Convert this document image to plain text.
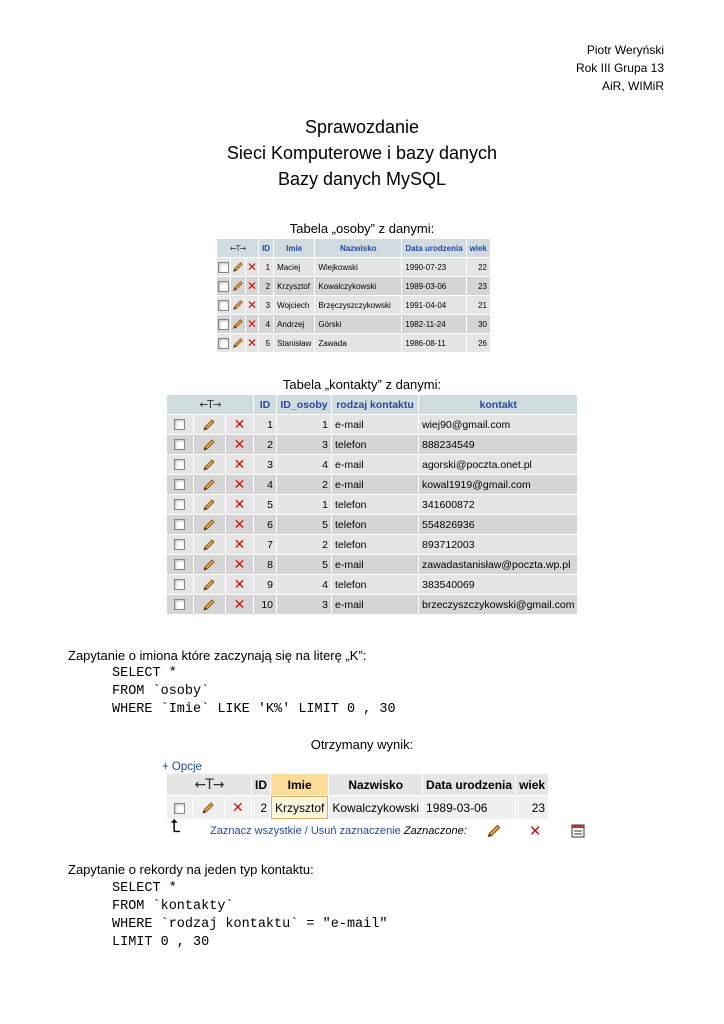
Piotr Weryński
Rok III Grupa 13
AiR, WIMiR
Sprawozdanie
Sieci Komputerowe i bazy danych
Bazy danych MySQL
Tabela „osoby” z danymi:
←T→			ID	Imie	Nazwisko	Data urodzenia	wiek
		✕	1	Maciej	Wiejkowski	1990-07-23	22
		✕	2	Krzysztof	Kowalczykowski	1989-03-06	23
		✕	3	Wojciech	Brzęczyszczykowski	1991-04-04	21
		✕	4	Andrzej	Górski	1982-11-24	30
		✕	5	Stanisław	Zawada	1986-08-11	26
Tabela „kontakty” z danymi:
←T→			ID	ID_osoby	rodzaj kontaktu	kontakt
		✕	1	1	e-mail	wiej90@gmail.com
		✕	2	3	telefon	888234549
		✕	3	4	e-mail	agorski@poczta.onet.pl
		✕	4	2	e-mail	kowal1919@gmail.com
		✕	5	1	telefon	341600872
		✕	6	5	telefon	554826936
		✕	7	2	telefon	893712003
		✕	8	5	e-mail	zawadastanisław@poczta.wp.pl
		✕	9	4	telefon	383540069
		✕	10	3	e-mail	brzeczyszczykowski@gmail.com
Zapytanie o imiona które zaczynają się na literę „K”:
SELECT *
FROM `osoby`
WHERE `Imie` LIKE 'K%' LIMIT 0 , 30
Otrzymany wynik:
+ Opcje
←T→			ID	Imie	Nazwisko	Data urodzenia	wiek
		✕	2	Krzysztof	Kowalczykowski	1989-03-06	23
⮤	Zaznacz wszystkie / Usuń zaznaczenie Zaznaczone:	✕
Zapytanie o rekordy na jeden typ kontaktu:
SELECT *
FROM `kontakty`
WHERE `rodzaj kontaktu` = "e-mail"
LIMIT 0 , 30
